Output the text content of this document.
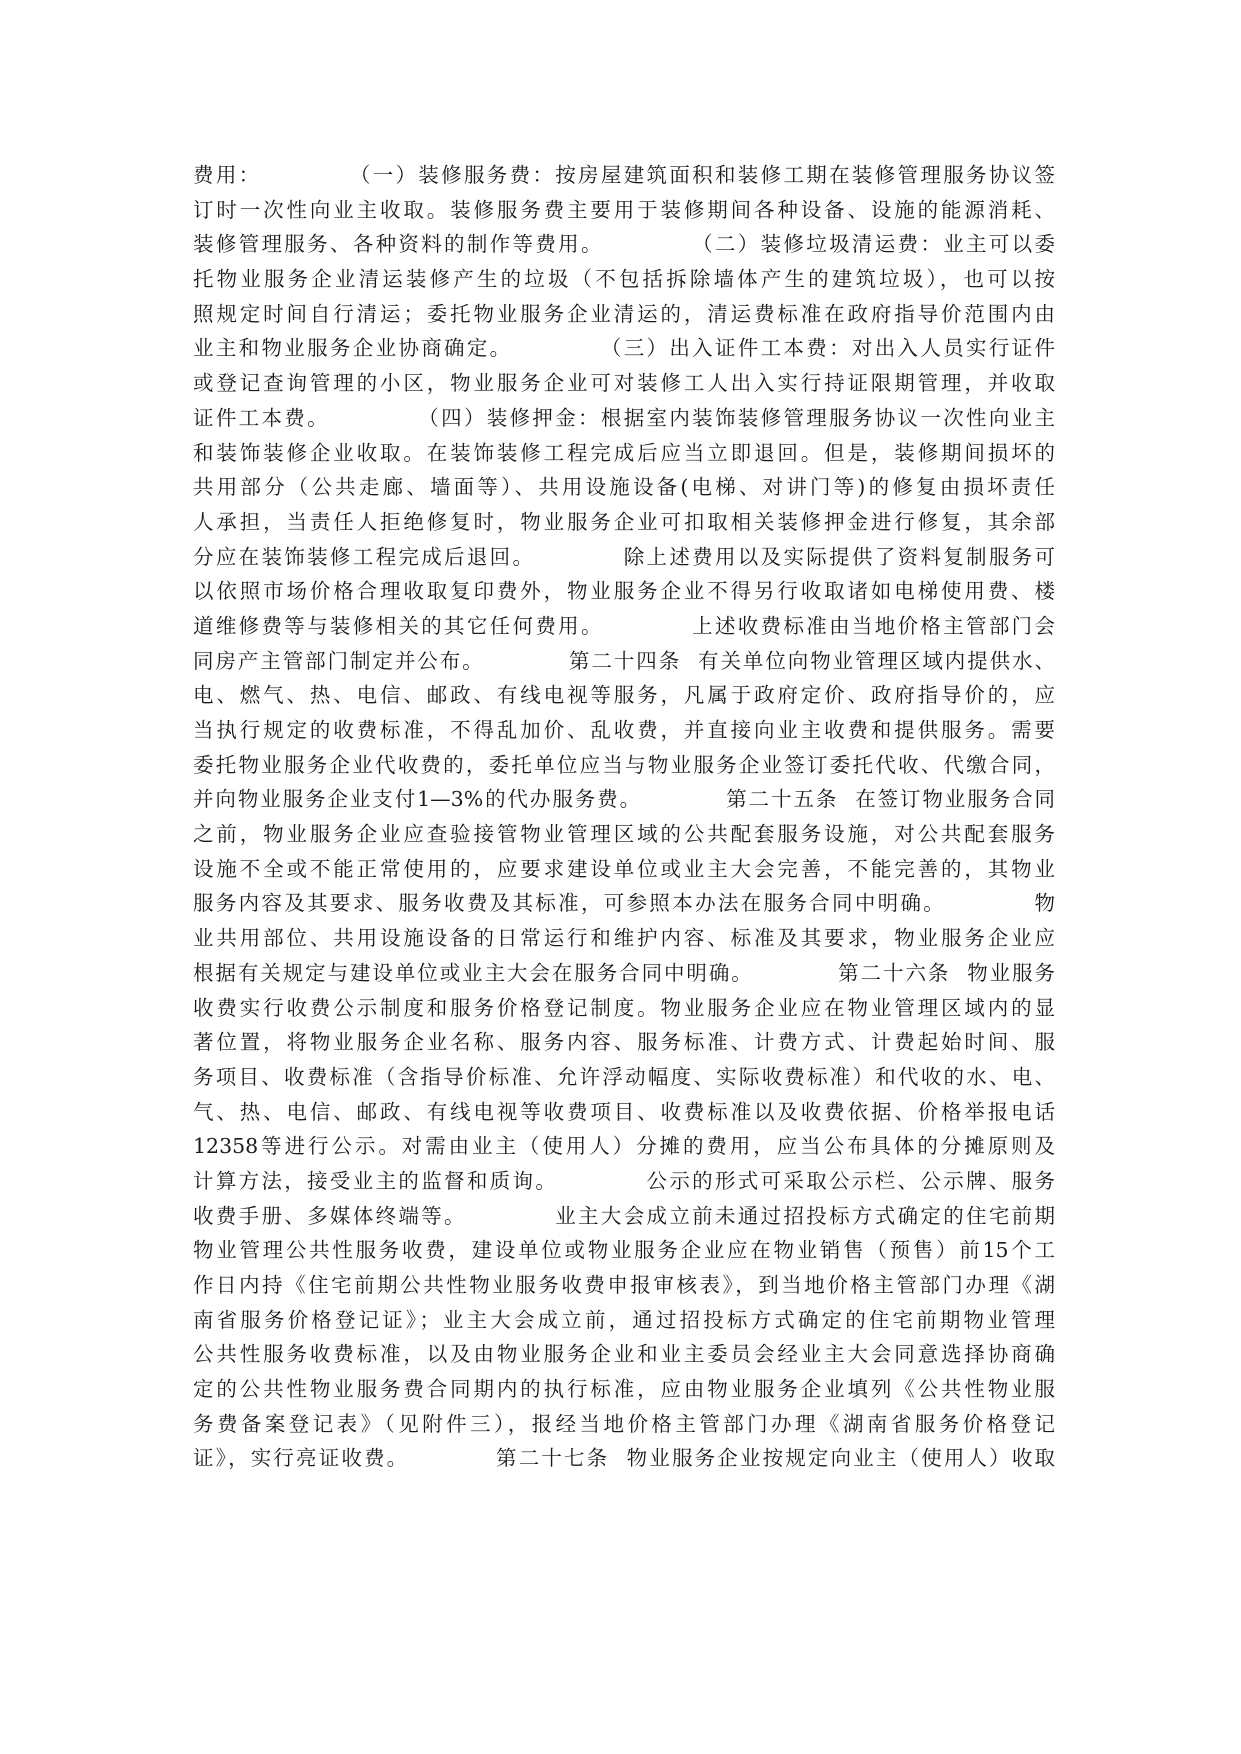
费用：          （一）装修服务费：按房屋建筑面积和装修工期在装修管理服务协议签
订时一次性向业主收取。装修服务费主要用于装修期间各种设备、设施的能源消耗、
装修管理服务、各种资料的制作等费用。          （二）装修垃圾清运费：业主可以委
托物业服务企业清运装修产生的垃圾（不包括拆除墙体产生的建筑垃圾），也可以按
照规定时间自行清运；委托物业服务企业清运的，清运费标准在政府指导价范围内由
业主和物业服务企业协商确定。          （三）出入证件工本费：对出入人员实行证件
或登记查询管理的小区，物业服务企业可对装修工人出入实行持证限期管理，并收取
证件工本费。          （四）装修押金：根据室内装饰装修管理服务协议一次性向业主
和装饰装修企业收取。在装饰装修工程完成后应当立即退回。但是，装修期间损坏的
共用部分（公共走廊、墙面等）、共用设施设备(电梯、对讲门等)的修复由损坏责任
人承担，当责任人拒绝修复时，物业服务企业可扣取相关装修押金进行修复，其余部
分应在装饰装修工程完成后退回。          除上述费用以及实际提供了资料复制服务可
以依照市场价格合理收取复印费外，物业服务企业不得另行收取诸如电梯使用费、楼
道维修费等与装修相关的其它任何费用。          上述收费标准由当地价格主管部门会
同房产主管部门制定并公布。          第二十四条  有关单位向物业管理区域内提供水、
电、燃气、热、电信、邮政、有线电视等服务，凡属于政府定价、政府指导价的，应
当执行规定的收费标准，不得乱加价、乱收费，并直接向业主收费和提供服务。需要
委托物业服务企业代收费的，委托单位应当与物业服务企业签订委托代收、代缴合同，
并向物业服务企业支付1—3%的代办服务费。          第二十五条  在签订物业服务合同
之前，物业服务企业应查验接管物业管理区域的公共配套服务设施，对公共配套服务
设施不全或不能正常使用的，应要求建设单位或业主大会完善，不能完善的，其物业
服务内容及其要求、服务收费及其标准，可参照本办法在服务合同中明确。          物
业共用部位、共用设施设备的日常运行和维护内容、标准及其要求，物业服务企业应
根据有关规定与建设单位或业主大会在服务合同中明确。          第二十六条  物业服务
收费实行收费公示制度和服务价格登记制度。物业服务企业应在物业管理区域内的显
著位置，将物业服务企业名称、服务内容、服务标准、计费方式、计费起始时间、服
务项目、收费标准（含指导价标准、允许浮动幅度、实际收费标准）和代收的水、电、
气、热、电信、邮政、有线电视等收费项目、收费标准以及收费依据、价格举报电话
12358等进行公示。对需由业主（使用人）分摊的费用，应当公布具体的分摊原则及
计算方法，接受业主的监督和质询。          公示的形式可采取公示栏、公示牌、服务
收费手册、多媒体终端等。          业主大会成立前未通过招投标方式确定的住宅前期
物业管理公共性服务收费，建设单位或物业服务企业应在物业销售（预售）前15个工
作日内持《住宅前期公共性物业服务收费申报审核表》，到当地价格主管部门办理《湖
南省服务价格登记证》；业主大会成立前，通过招投标方式确定的住宅前期物业管理
公共性服务收费标准，以及由物业服务企业和业主委员会经业主大会同意选择协商确
定的公共性物业服务费合同期内的执行标准，应由物业服务企业填列《公共性物业服
务费备案登记表》（见附件三），报经当地价格主管部门办理《湖南省服务价格登记
证》，实行亮证收费。          第二十七条  物业服务企业按规定向业主（使用人）收取
